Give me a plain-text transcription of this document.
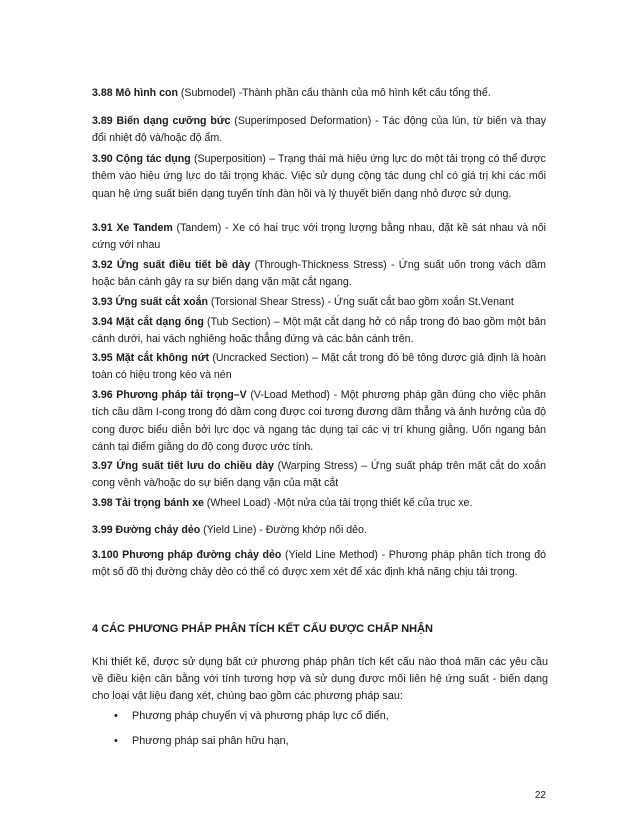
3.88 Mô hình con (Submodel) -Thành phần cấu thành của mô hình kết cấu tổng thể.
3.89 Biến dạng cưỡng bức (Superimposed Deformation) - Tác động của lún, từ biến và thay đổi nhiệt độ và/hoặc độ ẩm.
3.90 Cộng tác dụng (Superposition) – Trạng thái mà hiệu ứng lực do một tải trọng có thể được thêm vào hiệu ứng lực do tải trọng khác. Việc sử dụng cộng tác dụng chỉ có giá trị khi các mối quan hệ ứng suất biến dạng tuyến tính đàn hồi và lý thuyết biến dạng nhỏ được sử dụng.
3.91 Xe Tandem (Tandem) - Xe có hai trục với trọng lượng bằng nhau, đặt kề sát nhau và nối cứng với nhau
3.92 Ứng suất điều tiết bề dày (Through-Thickness Stress) - Ứng suất uốn trong vách dầm hoặc bản cánh gây ra sự biến dạng vặn mặt cắt ngang.
3.93 Ứng suất cắt xoắn (Torsional Shear Stress) - Ứng suất cắt bao gồm xoắn St.Venant
3.94 Mặt cắt dạng ống (Tub Section) – Một mặt cắt dạng hở có nắp trong đó bao gồm một bản cánh dưới, hai vách nghiêng hoặc thẳng đứng và các bản cánh trên.
3.95 Mặt cắt không nứt (Uncracked Section) – Mặt cắt trong đó bê tông được giả định là hoàn toàn có hiệu trong kéo và nén
3.96 Phương pháp tải trọng–V (V-Load Method) - Một phương pháp gần đúng cho việc phân tích cầu dầm I-cong trong đó dầm cong được coi tương đương dầm thẳng và ảnh hưởng của độ cong được biểu diễn bởi lực dọc và ngang tác dụng tại các vị trí khung giằng. Uốn ngang bản cánh tại điểm giằng do độ cong được ước tính.
3.97 Ứng suất tiết lưu do chiều dày (Warping Stress) – Ứng suất pháp trên mặt cắt do xoắn cong vênh và/hoặc do sự biến dạng vặn của mặt cắt
3.98 Tải trọng bánh xe (Wheel Load) -Một nửa của tải trọng thiết kế của trục xe.
3.99 Đường chảy dẻo (Yield Line) - Đường khớp nối dẻo.
3.100 Phương pháp đường chảy dẻo (Yield Line Method) - Phương pháp phân tích trong đó một số đồ thị đường chảy dẻo có thể có được xem xét để xác định khả năng chịu tải trọng.
4 CÁC PHƯƠNG PHÁP PHÂN TÍCH KẾT CẤU ĐƯỢC CHẤP NHẬN
Khi thiết kế, được sử dụng bất cứ phương pháp phân tích kết cấu nào thoả mãn các yêu cầu về điều kiện cân bằng với tính tương hợp và sử dụng được mối liên hệ ứng suất - biến dạng cho loại vật liệu đang xét, chúng bao gồm các phương pháp sau:
• Phương pháp chuyển vị và phương pháp lực cổ điển,
• Phương pháp sai phân hữu hạn,
22
